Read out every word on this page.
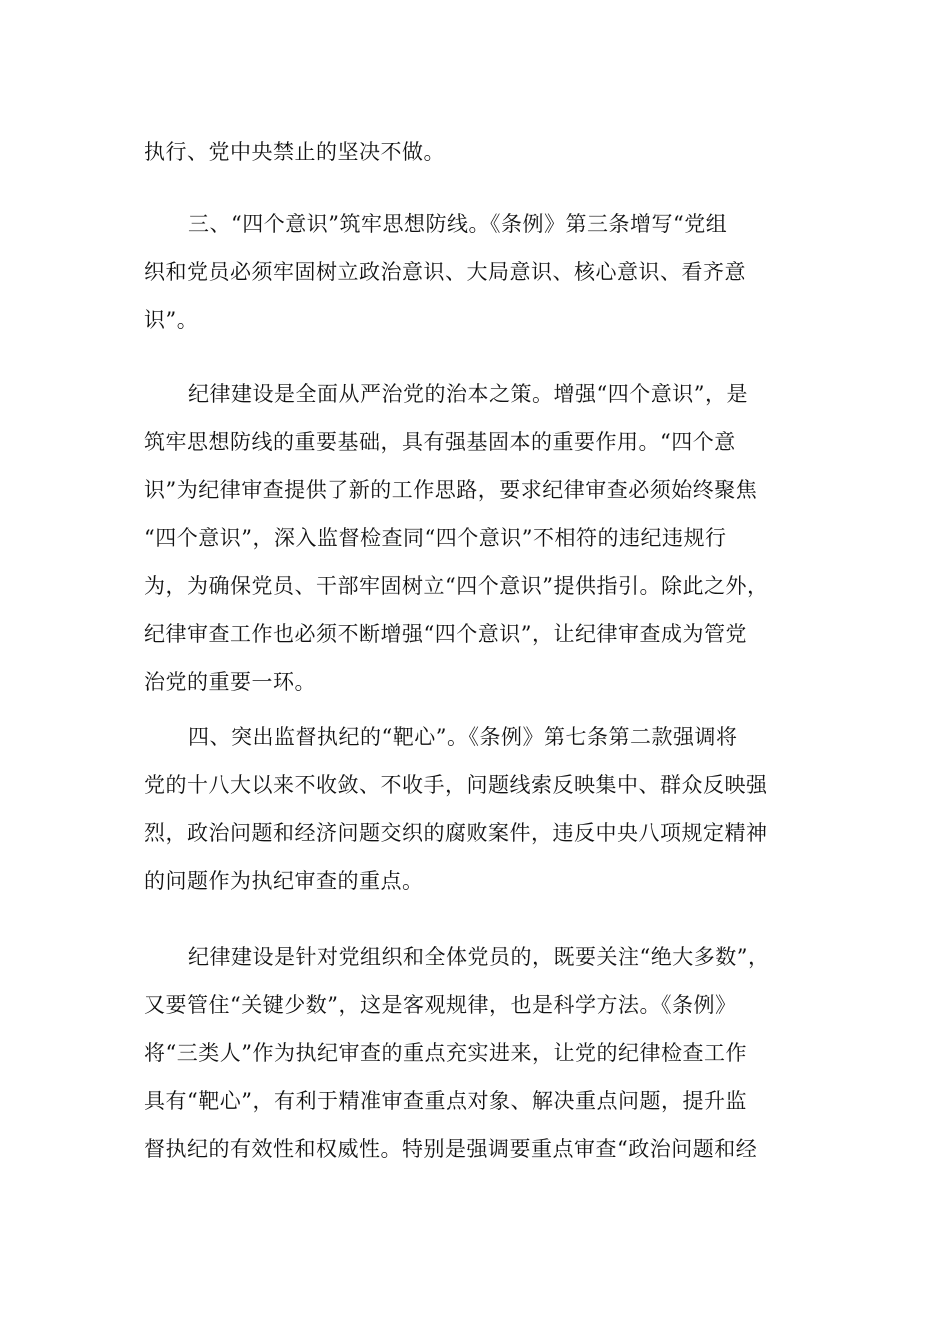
执行、党中央禁止的坚决不做。
三、“四个意识”筑牢思想防线。《条例》第三条增写“党组
织和党员必须牢固树立政治意识、大局意识、核心意识、看齐意
识”。
纪律建设是全面从严治党的治本之策。增强“四个意识”，是
筑牢思想防线的重要基础，具有强基固本的重要作用。“四个意
识”为纪律审查提供了新的工作思路，要求纪律审查必须始终聚焦
“四个意识”，深入监督检查同“四个意识”不相符的违纪违规行
为，为确保党员、干部牢固树立“四个意识”提供指引。除此之外，
纪律审查工作也必须不断增强“四个意识”，让纪律审查成为管党
治党的重要一环。
四、突出监督执纪的“靶心”。《条例》第七条第二款强调将
党的十八大以来不收敛、不收手，问题线索反映集中、群众反映强
烈，政治问题和经济问题交织的腐败案件，违反中央八项规定精神
的问题作为执纪审查的重点。
纪律建设是针对党组织和全体党员的，既要关注“绝大多数”，
又要管住“关键少数”，这是客观规律，也是科学方法。《条例》
将“三类人”作为执纪审查的重点充实进来，让党的纪律检查工作
具有“靶心”，有利于精准审查重点对象、解决重点问题，提升监
督执纪的有效性和权威性。特别是强调要重点审查“政治问题和经
